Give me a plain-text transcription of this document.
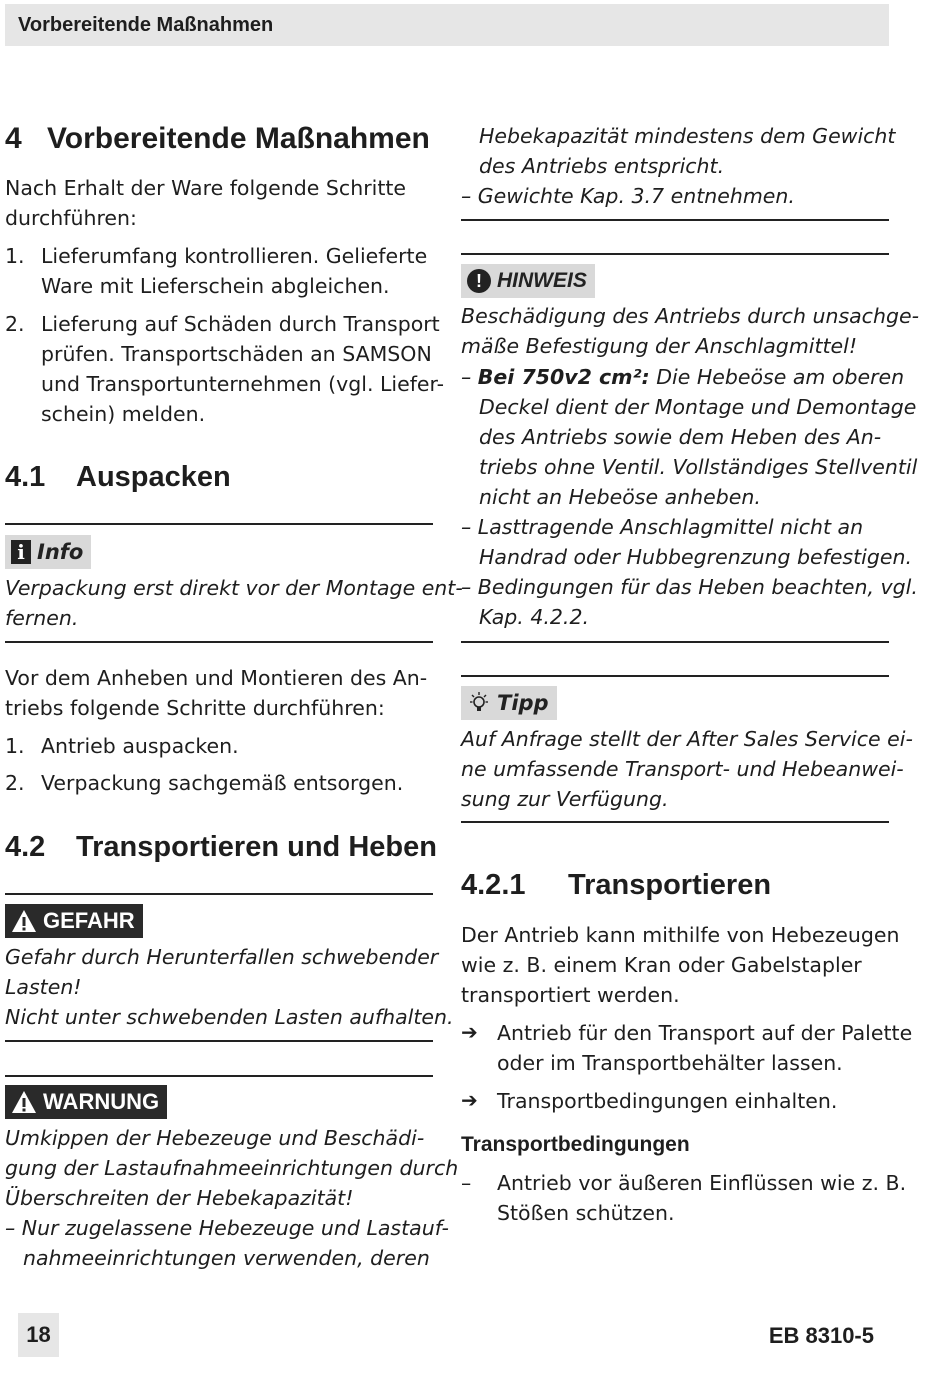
Vorbereitende Maßnahmen
4 Vorbereitende Maßnahmen
Nach Erhalt der Ware folgende Schritte
durchführen:
1. Lieferumfang kontrollieren. Gelieferte
Ware mit Lieferschein abgleichen.
2. Lieferung auf Schäden durch Transport
prüfen. Transportschäden an SAMSON
und Transportunternehmen (vgl. Liefer-
schein) melden.
4.1 Auspacken
i Info
Verpackung erst direkt vor der Montage ent-
fernen.
Vor dem Anheben und Montieren des An-
triebs folgende Schritte durchführen:
1. Antrieb auspacken.
2. Verpackung sachgemäß entsorgen.
4.2 Transportieren und Heben
GEFAHR
Gefahr durch Herunterfallen schwebender
Lasten!
Nicht unter schwebenden Lasten aufhalten.
WARNUNG
Umkippen der Hebezeuge und Beschädi-
gung der Lastaufnahmeeinrichtungen durch
Überschreiten der Hebekapazität!
– Nur zugelassene Hebezeuge und Lastauf-
nahmeeinrichtungen verwenden, deren
Hebekapazität mindestens dem Gewicht
des Antriebs entspricht.
– Gewichte Kap. 3.7 entnehmen.
! HINWEIS
Beschädigung des Antriebs durch unsachge-
mäße Befestigung der Anschlagmittel!
– Bei 750v2 cm²: Die Hebeöse am oberen
Deckel dient der Montage und Demontage
des Antriebs sowie dem Heben des An-
triebs ohne Ventil. Vollständiges Stellventil
nicht an Hebeöse anheben.
– Lasttragende Anschlagmittel nicht an
Handrad oder Hubbegrenzung befestigen.
– Bedingungen für das Heben beachten, vgl.
Kap. 4.2.2.
Tipp
Auf Anfrage stellt der After Sales Service ei-
ne umfassende Transport- und Hebeanwei-
sung zur Verfügung.
4.2.1 Transportieren
Der Antrieb kann mithilfe von Hebezeugen
wie z. B. einem Kran oder Gabelstapler
transportiert werden.
➔ Antrieb für den Transport auf der Palette
oder im Transportbehälter lassen.
➔ Transportbedingungen einhalten.
Transportbedingungen
– Antrieb vor äußeren Einflüssen wie z. B.
Stößen schützen.
18	EB 8310-5
